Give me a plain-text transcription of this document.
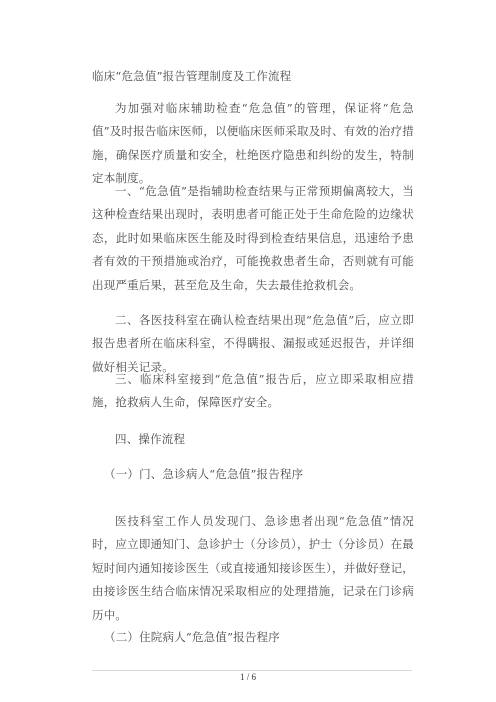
临床“危急值”报告管理制度及工作流程
为加强对临床辅助检查“危急值”的管理，保证将“危急值”及时报告临床医师，以便临床医师采取及时、有效的治疗措施，确保医疗质量和安全，杜绝医疗隐患和纠纷的发生，特制定本制度。
一、“危急值”是指辅助检查结果与正常预期偏离较大，当这种检查结果出现时，表明患者可能正处于生命危险的边缘状态，此时如果临床医生能及时得到检查结果信息，迅速给予患者有效的干预措施或治疗，可能挽救患者生命，否则就有可能出现严重后果，甚至危及生命，失去最佳抢救机会。
二、各医技科室在确认检查结果出现“危急值”后，应立即报告患者所在临床科室，不得瞒报、漏报或延迟报告，并详细做好相关记录。
三、临床科室接到“危急值”报告后，应立即采取相应措施，抢救病人生命，保障医疗安全。
四、操作流程
（一）门、急诊病人“危急值”报告程序
医技科室工作人员发现门、急诊患者出现“危急值”情况时，应立即通知门、急诊护士（分诊员），护士（分诊员）在最短时间内通知接诊医生（或直接通知接诊医生），并做好登记，由接诊医生结合临床情况采取相应的处理措施，记录在门诊病历中。
（二）住院病人“危急值”报告程序
1 / 6
